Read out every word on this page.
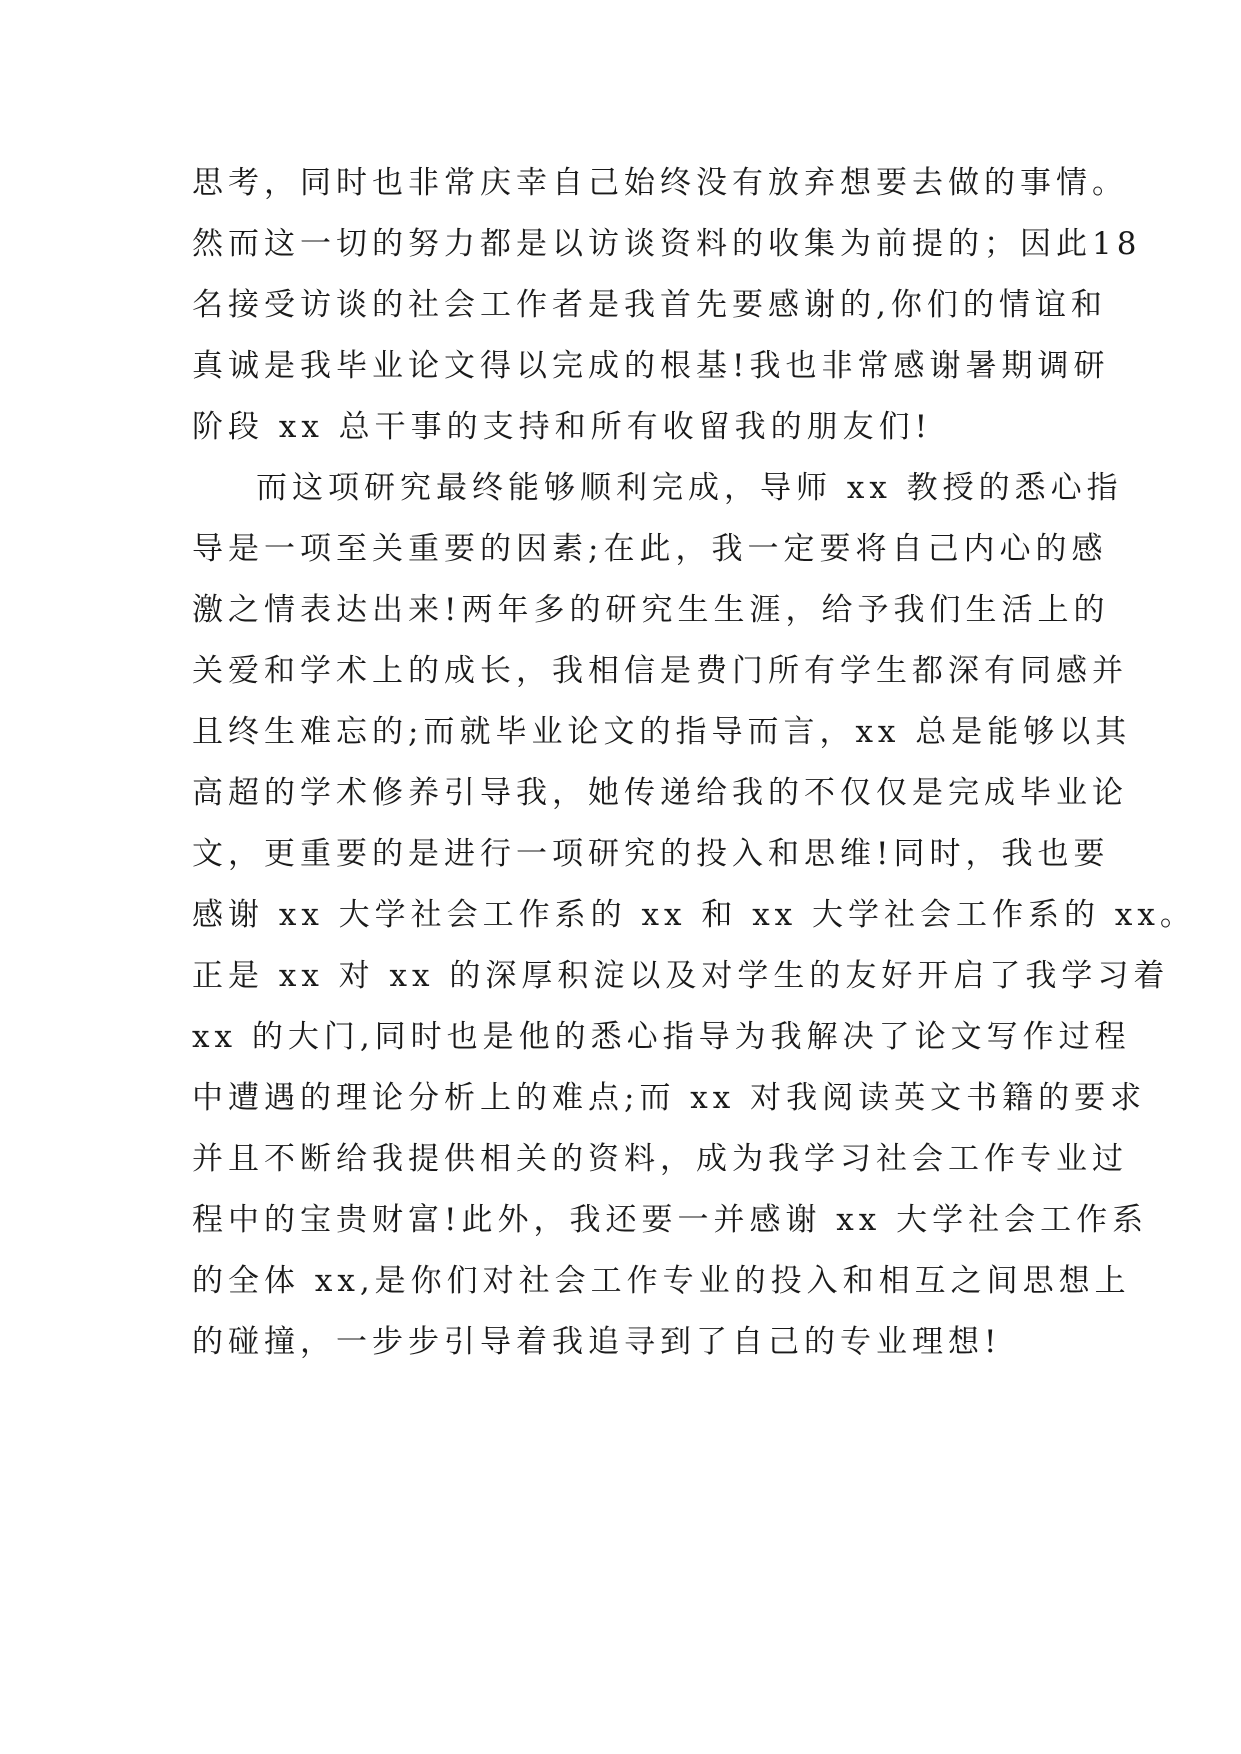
思考，同时也非常庆幸自己始终没有放弃想要去做的事情。
然而这一切的努力都是以访谈资料的收集为前提的；因此18
名接受访谈的社会工作者是我首先要感谢的,你们的情谊和
真诚是我毕业论文得以完成的根基!我也非常感谢暑期调研
阶段 xx 总干事的支持和所有收留我的朋友们!
而这项研究最终能够顺利完成，导师 xx 教授的悉心指
导是一项至关重要的因素;在此，我一定要将自己内心的感
激之情表达出来!两年多的研究生生涯，给予我们生活上的
关爱和学术上的成长，我相信是费门所有学生都深有同感并
且终生难忘的;而就毕业论文的指导而言，xx 总是能够以其
高超的学术修养引导我，她传递给我的不仅仅是完成毕业论
文，更重要的是进行一项研究的投入和思维!同时，我也要
感谢 xx 大学社会工作系的 xx 和 xx 大学社会工作系的 xx。
正是 xx 对 xx 的深厚积淀以及对学生的友好开启了我学习着
xx 的大门,同时也是他的悉心指导为我解决了论文写作过程
中遭遇的理论分析上的难点;而 xx 对我阅读英文书籍的要求
并且不断给我提供相关的资料，成为我学习社会工作专业过
程中的宝贵财富!此外，我还要一并感谢 xx 大学社会工作系
的全体 xx,是你们对社会工作专业的投入和相互之间思想上
的碰撞，一步步引导着我追寻到了自己的专业理想!
